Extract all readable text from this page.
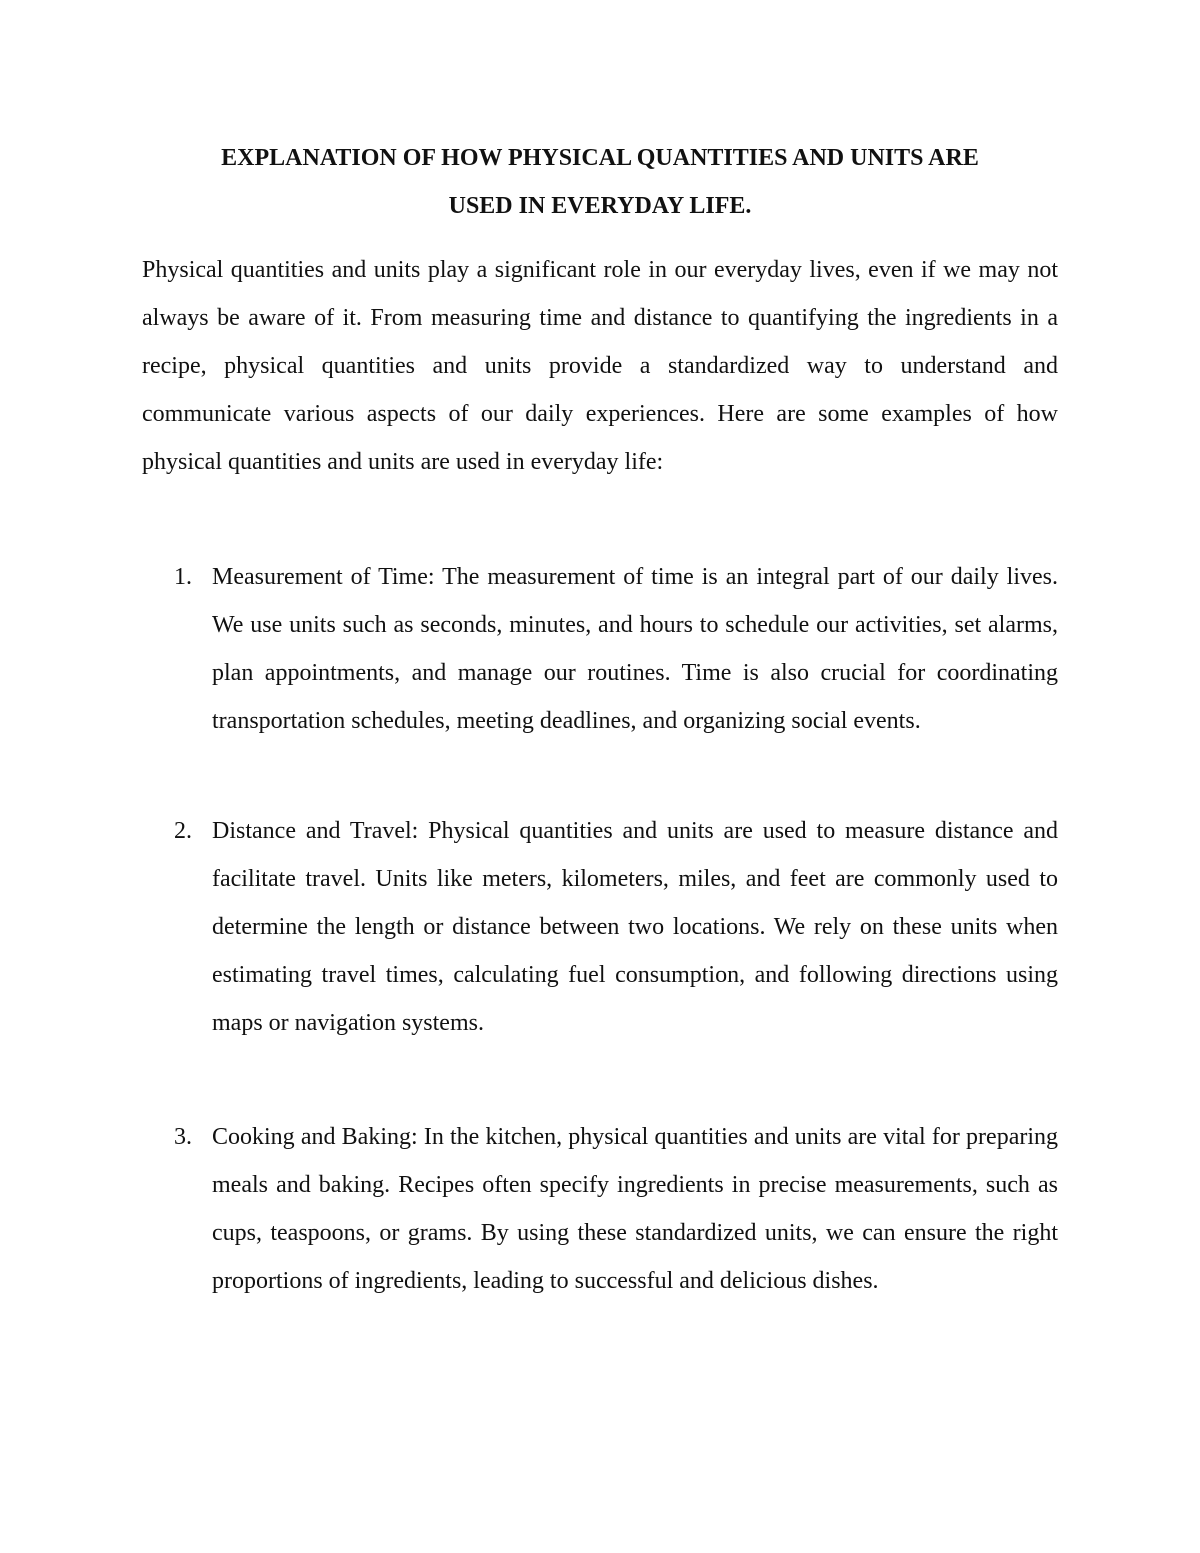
EXPLANATION OF HOW PHYSICAL QUANTITIES AND UNITS ARE
USED IN EVERYDAY LIFE.

Physical quantities and units play a significant role in our everyday lives, even if we may not always be aware of it. From measuring time and distance to quantifying the ingredients in a recipe, physical quantities and units provide a standardized way to understand and communicate various aspects of our daily experiences. Here are some examples of how physical quantities and units are used in everyday life:

1. Measurement of Time: The measurement of time is an integral part of our daily lives. We use units such as seconds, minutes, and hours to schedule our activities, set alarms, plan appointments, and manage our routines. Time is also crucial for coordinating transportation schedules, meeting deadlines, and organizing social events.
2. Distance and Travel: Physical quantities and units are used to measure distance and facilitate travel. Units like meters, kilometers, miles, and feet are commonly used to determine the length or distance between two locations. We rely on these units when estimating travel times, calculating fuel consumption, and following directions using maps or navigation systems.
3. Cooking and Baking: In the kitchen, physical quantities and units are vital for preparing meals and baking. Recipes often specify ingredients in precise measurements, such as cups, teaspoons, or grams. By using these standardized units, we can ensure the right proportions of ingredients, leading to successful and delicious dishes.
